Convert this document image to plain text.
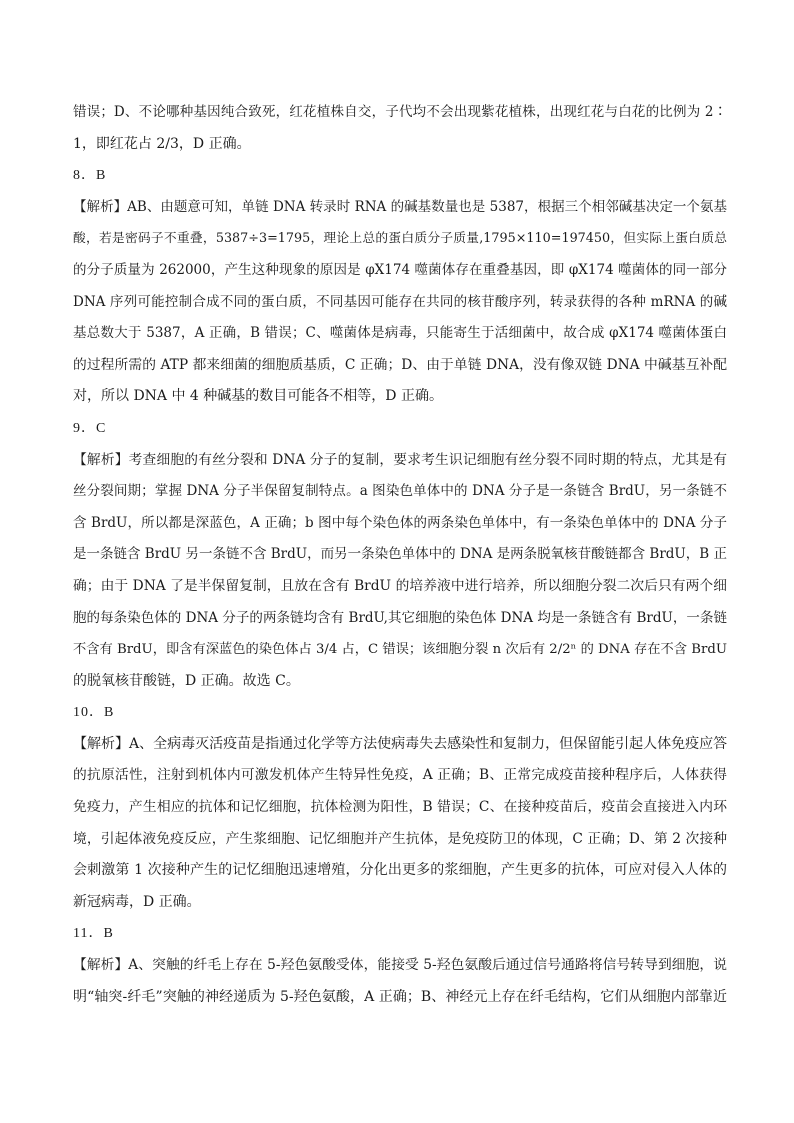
错误；D、不论哪种基因纯合致死，红花植株自交，子代均不会出现紫花植株，出现红花与白花的比例为 2∶
1，即红花占 2/3，D 正确。
8．B
【解析】AB、由题意可知，单链 DNA 转录时 RNA 的碱基数量也是 5387，根据三个相邻碱基决定一个氨基
酸，若是密码子不重叠，5387÷3=1795，理论上总的蛋白质分子质量,1795×110=197450，但实际上蛋白质总
的分子质量为 262000，产生这种现象的原因是 φX174 噬菌体存在重叠基因，即 φX174 噬菌体的同一部分
DNA 序列可能控制合成不同的蛋白质，不同基因可能存在共同的核苷酸序列，转录获得的各种 mRNA 的碱
基总数大于 5387，A 正确，B 错误；C、噬菌体是病毒，只能寄生于活细菌中，故合成 φX174 噬菌体蛋白
的过程所需的 ATP 都来细菌的细胞质基质，C 正确；D、由于单链 DNA，没有像双链 DNA 中碱基互补配
对，所以 DNA 中 4 种碱基的数目可能各不相等，D 正确。
9．C
【解析】考查细胞的有丝分裂和 DNA 分子的复制，要求考生识记细胞有丝分裂不同时期的特点，尤其是有
丝分裂间期；掌握 DNA 分子半保留复制特点。a 图染色单体中的 DNA 分子是一条链含 BrdU，另一条链不
含 BrdU，所以都是深蓝色，A 正确；b 图中每个染色体的两条染色单体中，有一条染色单体中的 DNA 分子
是一条链含 BrdU 另一条链不含 BrdU，而另一条染色单体中的 DNA 是两条脱氧核苷酸链都含 BrdU，B 正
确；由于 DNA 了是半保留复制，且放在含有 BrdU 的培养液中进行培养，所以细胞分裂二次后只有两个细
胞的每条染色体的 DNA 分子的两条链均含有 BrdU,其它细胞的染色体 DNA 均是一条链含有 BrdU，一条链
不含有 BrdU，即含有深蓝色的染色体占 3/4 占，C 错误；该细胞分裂 n 次后有 2/2ⁿ 的 DNA 存在不含 BrdU
的脱氧核苷酸链，D 正确。故选 C。
10．B
【解析】A、全病毒灭活疫苗是指通过化学等方法使病毒失去感染性和复制力，但保留能引起人体免疫应答
的抗原活性，注射到机体内可激发机体产生特异性免疫，A 正确；B、正常完成疫苗接种程序后，人体获得
免疫力，产生相应的抗体和记忆细胞，抗体检测为阳性，B 错误；C、在接种疫苗后，疫苗会直接进入内环
境，引起体液免疫反应，产生浆细胞、记忆细胞并产生抗体，是免疫防卫的体现，C 正确；D、第 2 次接种
会刺激第 1 次接种产生的记忆细胞迅速增殖，分化出更多的浆细胞，产生更多的抗体，可应对侵入人体的
新冠病毒，D 正确。
11．B
【解析】A、突触的纤毛上存在 5-羟色氨酸受体，能接受 5-羟色氨酸后通过信号通路将信号转导到细胞，说
明“轴突-纤毛”突触的神经递质为 5-羟色氨酸，A 正确；B、神经元上存在纤毛结构，它们从细胞内部靠近
